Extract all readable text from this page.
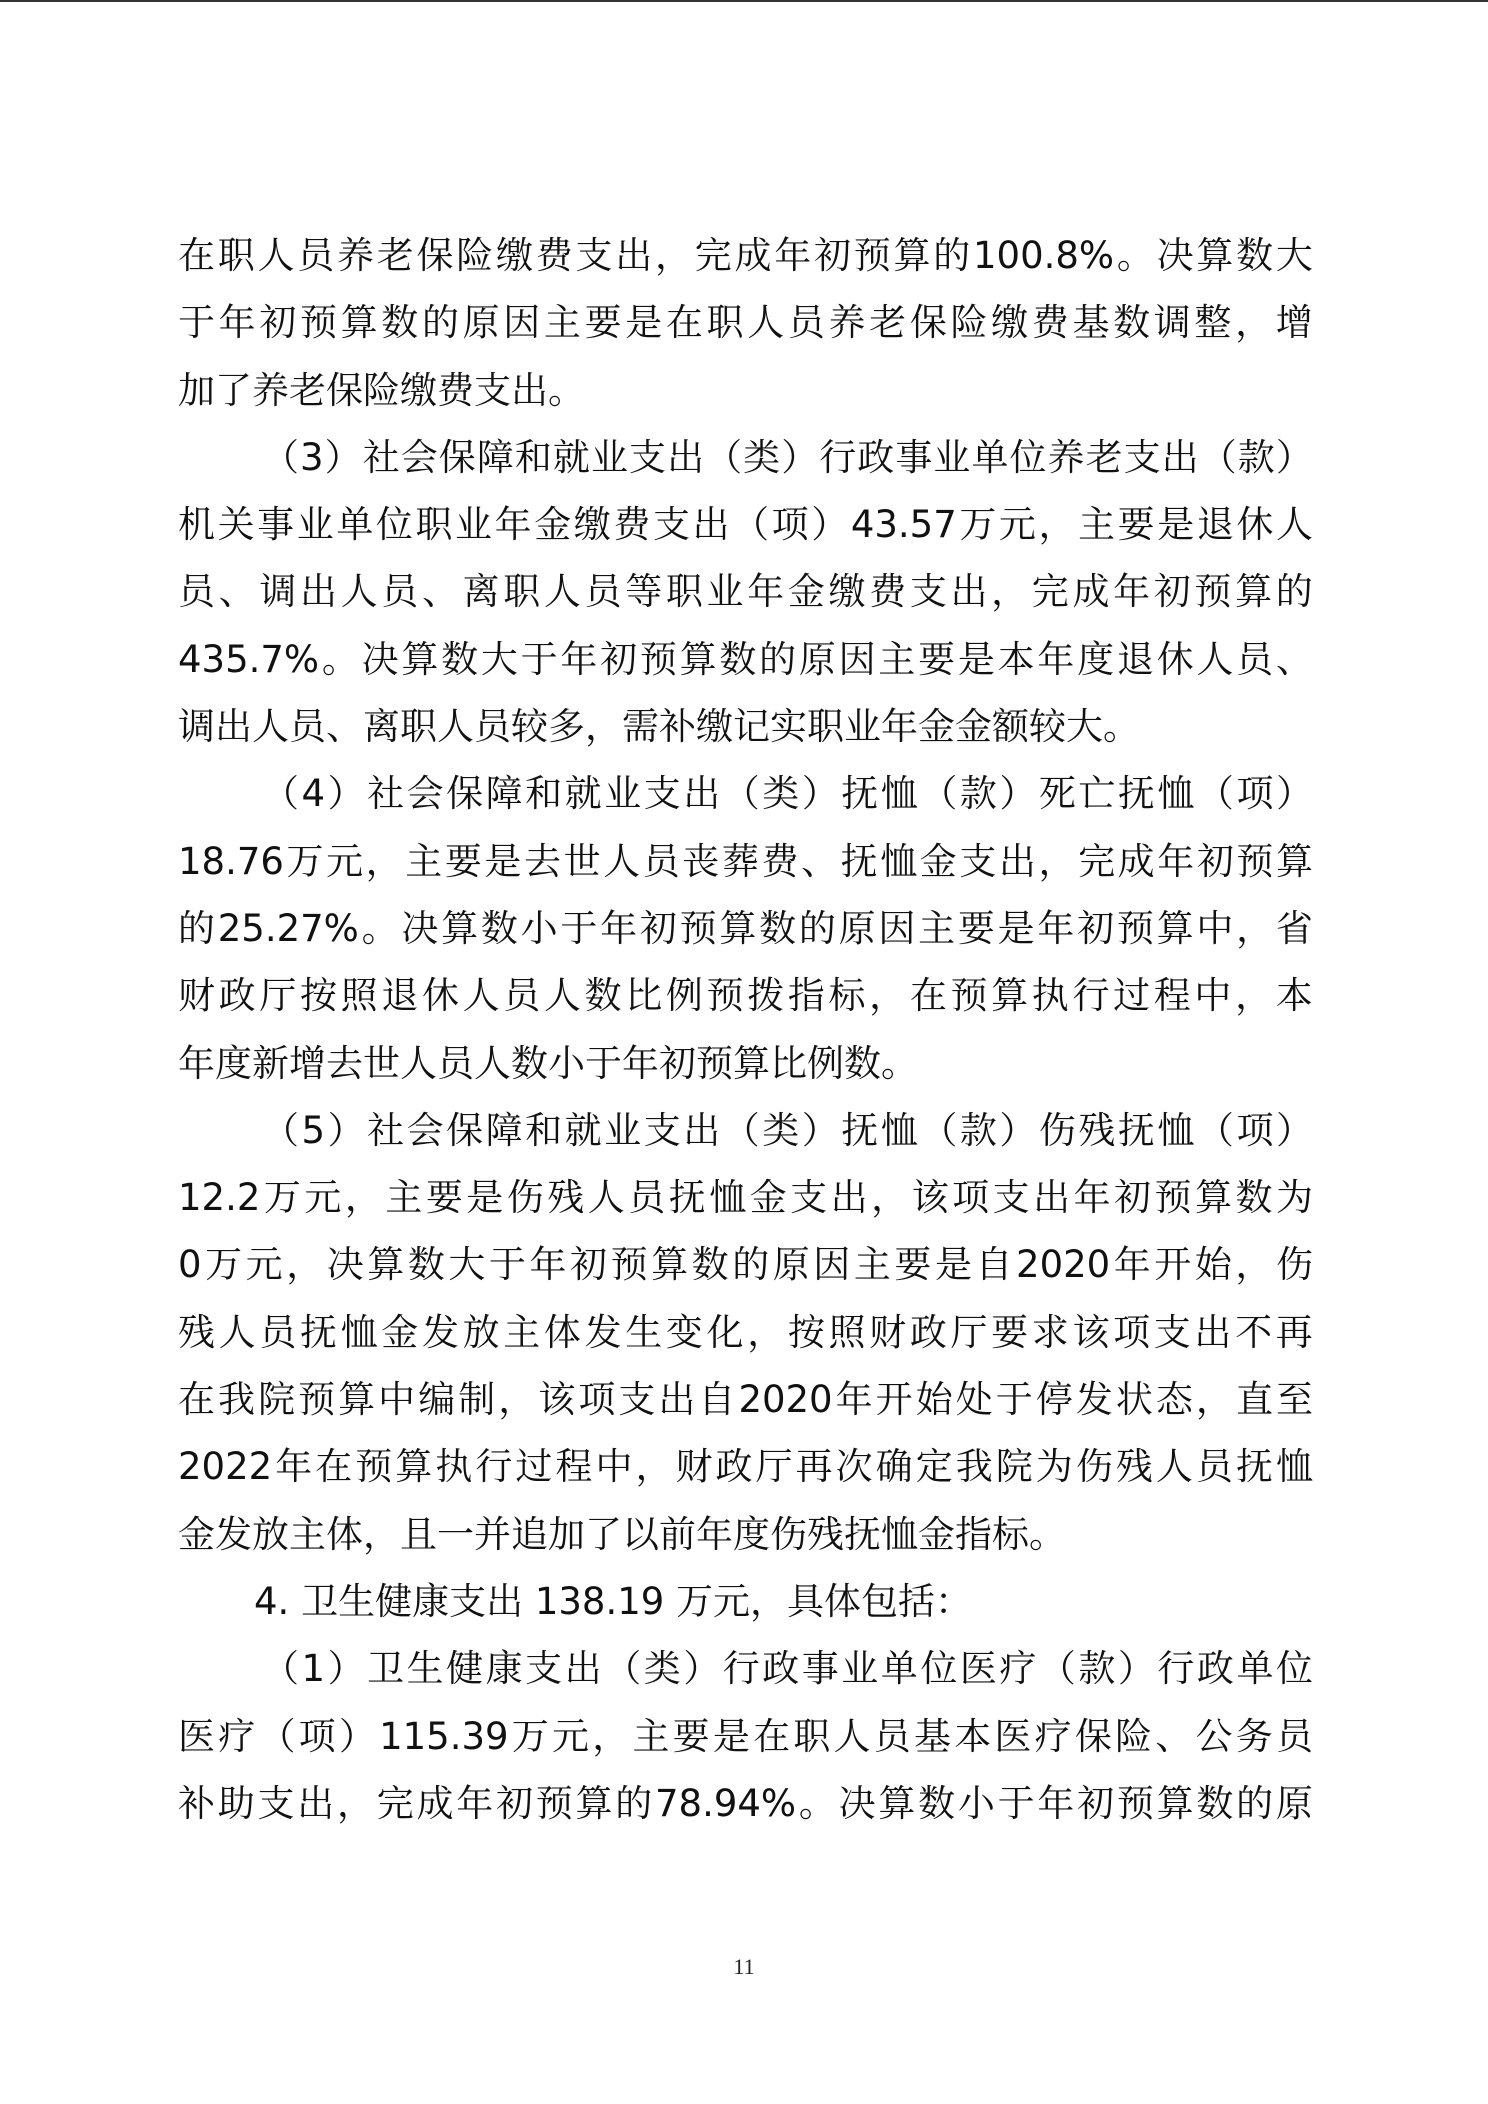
在 职 人 员 养 老 保 险 缴 费 支 出 ， 完 成 年 初 预 算 的 100.8% 。 决 算 数 大
于 年 初 预 算 数 的 原 因 主 要 是 在 职 人 员 养 老 保 险 缴 费 基 数 调 整 ， 增
加了养老保险缴费支出。
（ 3 ） 社 会 保 障 和 就 业 支 出 （ 类 ） 行 政 事 业 单 位 养 老 支 出 （ 款 ）
机 关 事 业 单 位 职 业 年 金 缴 费 支 出 （ 项 ） 43.57 万 元 ， 主 要 是 退 休 人
员 、 调 出 人 员 、 离 职 人 员 等 职 业 年 金 缴 费 支 出 ， 完 成 年 初 预 算 的
435.7% 。 决 算 数 大 于 年 初 预 算 数 的 原 因 主 要 是 本 年 度 退 休 人 员 、
调出人员、离职人员较多，需补缴记实职业年金金额较大。
（ 4 ） 社 会 保 障 和 就 业 支 出 （ 类 ） 抚 恤 （ 款 ） 死 亡 抚 恤 （ 项 ）
18.76 万 元 ， 主 要 是 去 世 人 员 丧 葬 费 、 抚 恤 金 支 出 ， 完 成 年 初 预 算
的 25.27% 。 决 算 数 小 于 年 初 预 算 数 的 原 因 主 要 是 年 初 预 算 中 ， 省
财 政 厅 按 照 退 休 人 员 人 数 比 例 预 拨 指 标 ， 在 预 算 执 行 过 程 中 ， 本
年度新增去世人员人数小于年初预算比例数。
（ 5 ） 社 会 保 障 和 就 业 支 出 （ 类 ） 抚 恤 （ 款 ） 伤 残 抚 恤 （ 项 ）
12.2 万 元 ， 主 要 是 伤 残 人 员 抚 恤 金 支 出 ， 该 项 支 出 年 初 预 算 数 为
0 万 元 ， 决 算 数 大 于 年 初 预 算 数 的 原 因 主 要 是 自 2020 年 开 始 ， 伤
残 人 员 抚 恤 金 发 放 主 体 发 生 变 化 ， 按 照 财 政 厅 要 求 该 项 支 出 不 再
在 我 院 预 算 中 编 制 ， 该 项 支 出 自 2020 年 开 始 处 于 停 发 状 态 ， 直 至
2022 年 在 预 算 执 行 过 程 中 ， 财 政 厅 再 次 确 定 我 院 为 伤 残 人 员 抚 恤
金发放主体，且一并追加了以前年度伤残抚恤金指标。
4. 卫生健康支出 138.19 万元，具体包括：
（ 1 ） 卫 生 健 康 支 出 （ 类 ） 行 政 事 业 单 位 医 疗 （ 款 ） 行 政 单 位
医 疗 （ 项 ） 115.39 万 元 ， 主 要 是 在 职 人 员 基 本 医 疗 保 险 、 公 务 员
补 助 支 出 ， 完 成 年 初 预 算 的 78.94% 。 决 算 数 小 于 年 初 预 算 数 的 原
11
